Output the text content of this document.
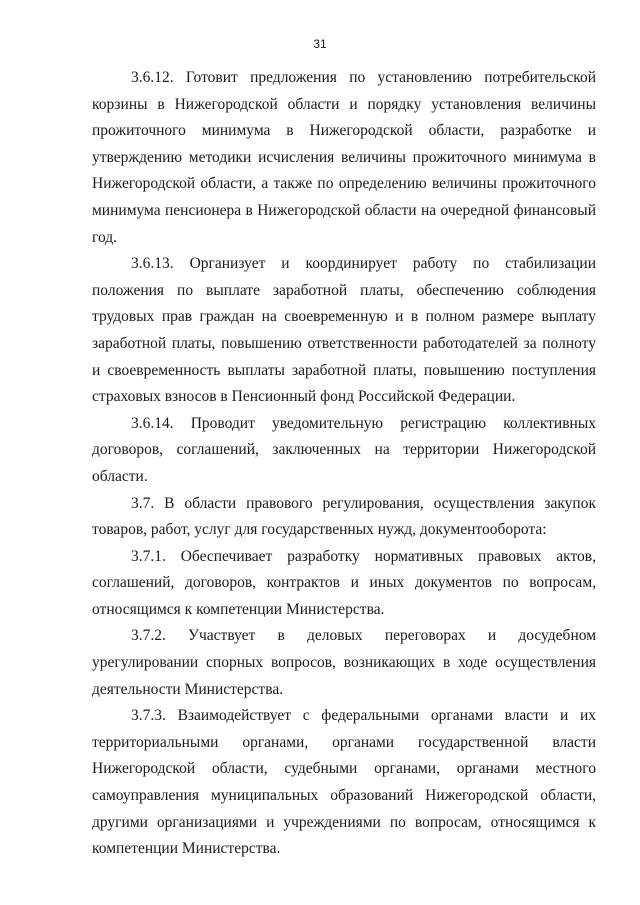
31

3.6.12. Готовит предложения по установлению потребительской корзины в Нижегородской области и порядку установления величины прожиточного минимума в Нижегородской области, разработке и утверждению методики исчисления величины прожиточного минимума в Нижегородской области, а также по определению величины прожиточного минимума пенсионера в Нижегородской области на очередной финансовый год.

3.6.13. Организует и координирует работу по стабилизации положения по выплате заработной платы, обеспечению соблюдения трудовых прав граждан на своевременную и в полном размере выплату заработной платы, повышению ответственности работодателей за полноту и своевременность выплаты заработной платы, повышению поступления страховых взносов в Пенсионный фонд Российской Федерации.

3.6.14. Проводит уведомительную регистрацию коллективных договоров, соглашений, заключенных на территории Нижегородской области.

3.7. В области правового регулирования, осуществления закупок товаров, работ, услуг для государственных нужд, документооборота:

3.7.1. Обеспечивает разработку нормативных правовых актов, соглашений, договоров, контрактов и иных документов по вопросам, относящимся к компетенции Министерства.

3.7.2. Участвует в деловых переговорах и досудебном урегулировании спорных вопросов, возникающих в ходе осуществления деятельности Министерства.

3.7.3. Взаимодействует с федеральными органами власти и их территориальными органами, органами государственной власти Нижегородской области, судебными органами, органами местного самоуправления муниципальных образований Нижегородской области, другими организациями и учреждениями по вопросам, относящимся к компетенции Министерства.
